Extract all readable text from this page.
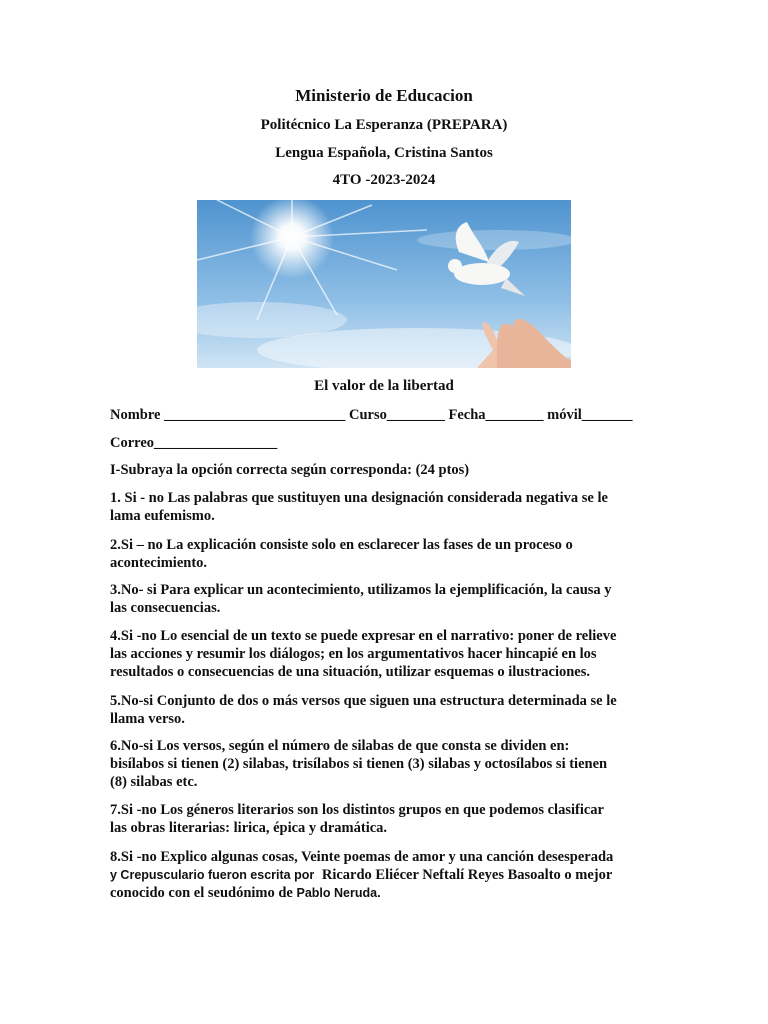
Ministerio de Educacion
Politécnico La Esperanza (PREPARA)
Lengua Española, Cristina Santos
4TO -2023-2024
El valor de la libertad
Nombre _________________________ Curso________ Fecha________ móvil_______
Correo_________________
I-Subraya la opción correcta según corresponda: (24 ptos)
1. Si - no Las palabras que sustituyen una designación considerada negativa se le
lama eufemismo.
2.Si – no La explicación consiste solo en esclarecer las fases de un proceso o
acontecimiento.
3.No- si Para explicar un acontecimiento, utilizamos la ejemplificación, la causa y
las consecuencias.
4.Si -no Lo esencial de un texto se puede expresar en el narrativo: poner de relieve
las acciones y resumir los diálogos; en los argumentativos hacer hincapié en los
resultados o consecuencias de una situación, utilizar esquemas o ilustraciones.
5.No-si Conjunto de dos o más versos que siguen una estructura determinada se le
llama verso.
6.No-si Los versos, según el número de silabas de que consta se dividen en:
bisílabos si tienen (2) silabas, trisílabos si tienen (3) silabas y octosílabos si tienen
(8) silabas etc.
7.Si -no Los géneros literarios son los distintos grupos en que podemos clasificar
las obras literarias: lirica, épica y dramática.
8.Si -no Explico algunas cosas, Veinte poemas de amor y una canción desesperada
y Crepusculario fueron escrita por Ricardo Eliécer Neftalí Reyes Basoalto o mejor
conocido con el seudónimo de Pablo Neruda.
